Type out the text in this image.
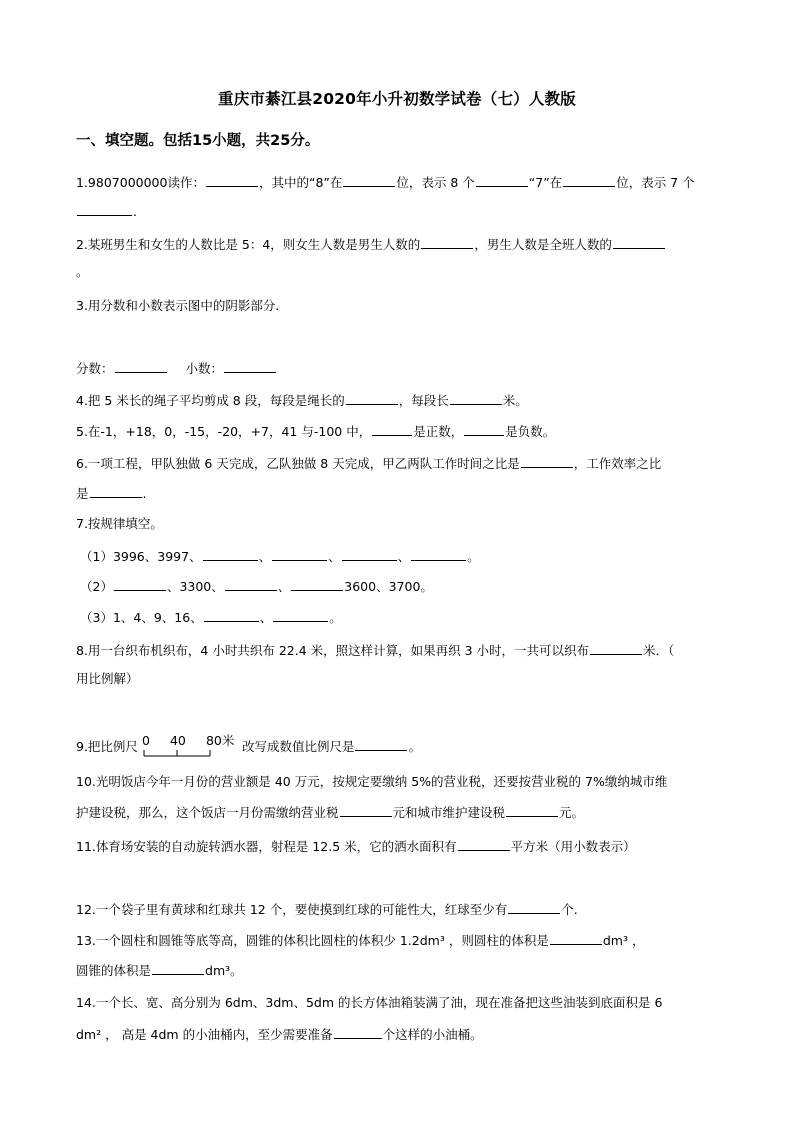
重庆市綦江县2020年小升初数学试卷（七）人教版
一、填空题。包括15小题，共25分。
1.9807000000读作：	，其中的“8”在	位，表示 8 个	“7”在	位，表示 7 个
.
2.某班男生和女生的人数比是 5：4，则女生人数是男生人数的	，男生人数是全班人数的
。
3.用分数和小数表示图中的阴影部分．
分数：	小数：
4.把 5 米长的绳子平均剪成 8 段，每段是绳长的	，每段长	米。
5.在-1，+18，0，-15，-20，+7，41 与-100 中，	是正数，	是负数。
6.一项工程，甲队独做 6 天完成，乙队独做 8 天完成，甲乙两队工作时间之比是	，工作效率之比
是	.
7.按规律填空。
（1）3996、3997、	、	、	、	。
（2）	、3300、	、	3600、3700。
（3）1、4、9、16、	、	。
8.用一台织布机织布，4 小时共织布 22.4 米，照这样计算，如果再织 3 小时，一共可以织布	米．（
用比例解）
9.把比例尺 0 40 80米 改写成数值比例尺是	。
10.光明饭店今年一月份的营业额是 40 万元，按规定要缴纳 5%的营业税，还要按营业税的 7%缴纳城市维
护建设税，那么，这个饭店一月份需缴纳营业税	元和城市维护建设税	元。
11.体育场安装的自动旋转洒水器，射程是 12.5 米，它的洒水面积有	平方米（用小数表示）
12.一个袋子里有黄球和红球共 12 个，要使摸到红球的可能性大，红球至少有	个.
13.一个圆柱和圆锥等底等高，圆锥的体积比圆柱的体积少 1.2dm³ ，则圆柱的体积是	dm³ ，
圆锥的体积是	dm³。
14.一个长、宽、高分别为 6dm、3dm、5dm 的长方体油箱装满了油，现在准备把这些油装到底面积是 6
dm² ， 高是 4dm 的小油桶内，至少需要准备	个这样的小油桶。
